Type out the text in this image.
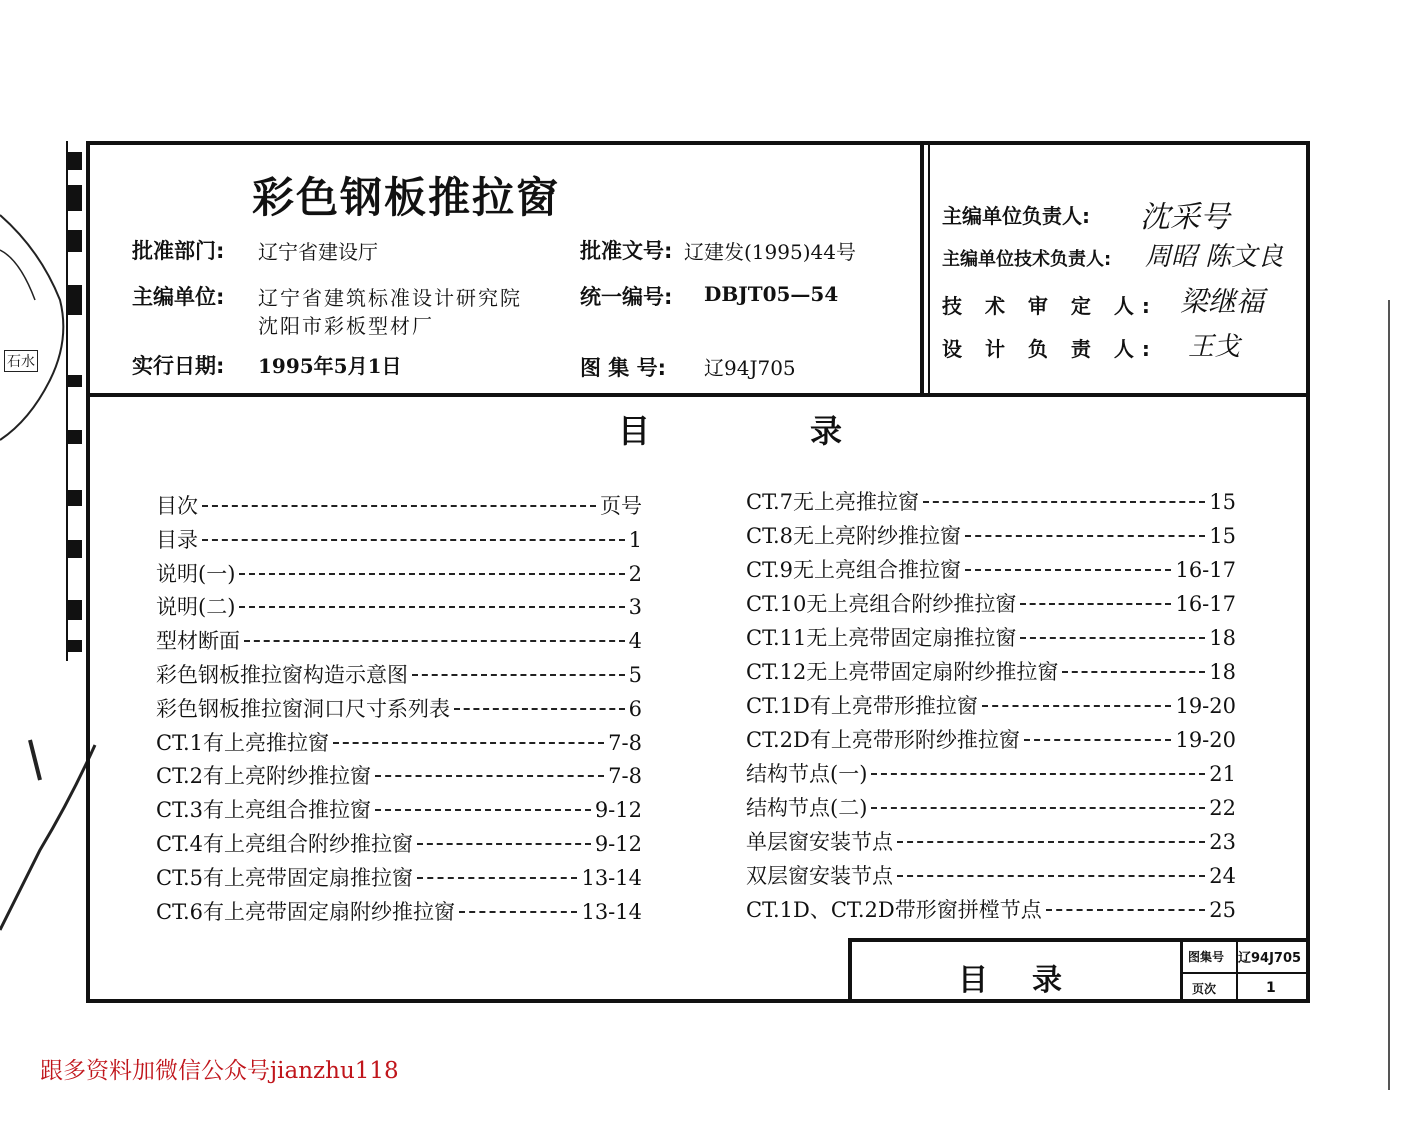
石水
彩色钢板推拉窗
批准部门: 辽宁省建设厅	批准文号: 辽建发(1995)44号
主编单位: 辽宁省建筑标准设计研究院
沈阳市彩板型材厂
统一编号: DBJT05—54
实行日期: 1995年5月1日	图 集 号: 辽94J705
主编单位负责人: 沈采号
主编单位技术负责人: 周昭 陈文良
技 术 审 定 人: 梁继福
设 计 负 责 人: 王戈
目	录
目次	页号
目录	1
说明(一)	2
说明(二)	3
型材断面	4
彩色钢板推拉窗构造示意图	5
彩色钢板推拉窗洞口尺寸系列表	6
CT.1有上亮推拉窗	7-8
CT.2有上亮附纱推拉窗	7-8
CT.3有上亮组合推拉窗	9-12
CT.4有上亮组合附纱推拉窗	9-12
CT.5有上亮带固定扇推拉窗	13-14
CT.6有上亮带固定扇附纱推拉窗	13-14
CT.7无上亮推拉窗	15
CT.8无上亮附纱推拉窗	15
CT.9无上亮组合推拉窗	16-17
CT.10无上亮组合附纱推拉窗	16-17
CT.11无上亮带固定扇推拉窗	18
CT.12无上亮带固定扇附纱推拉窗	18
CT.1D有上亮带形推拉窗	19-20
CT.2D有上亮带形附纱推拉窗	19-20
结构节点(一)	21
结构节点(二)	22
单层窗安装节点	23
双层窗安装节点	24
CT.1D、CT.2D带形窗拼樘节点	25
目 录
图集号 辽94J705
页次	1
跟多资料加微信公众号jianzhu118
